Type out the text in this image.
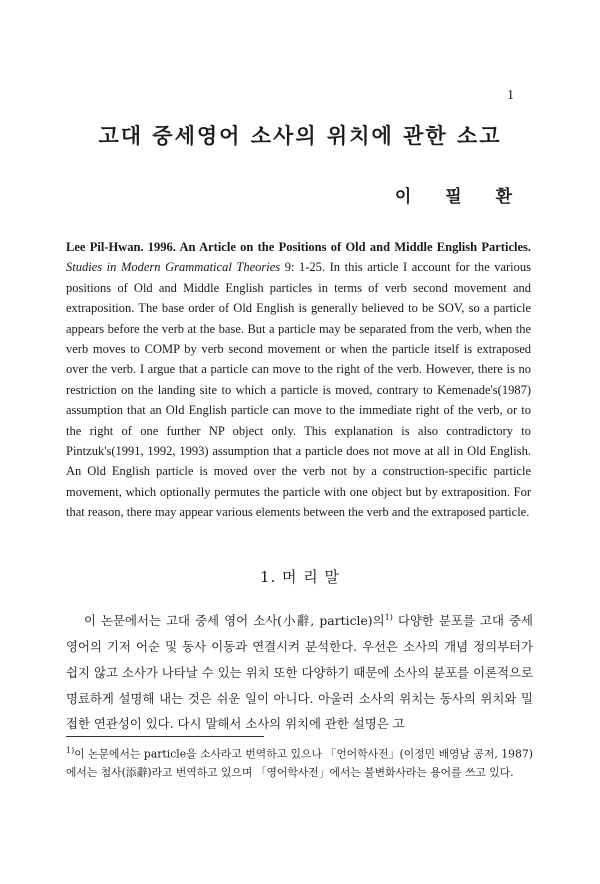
1
고대 중세영어 소사의 위치에 관한 소고
이 필 환
Lee Pil-Hwan. 1996. An Article on the Positions of Old and Middle English Particles. Studies in Modern Grammatical Theories 9: 1-25. In this article I account for the various positions of Old and Middle English particles in terms of verb second movement and extraposition. The base order of Old English is generally believed to be SOV, so a particle appears before the verb at the base. But a particle may be separated from the verb, when the verb moves to COMP by verb second movement or when the particle itself is extraposed over the verb. I argue that a particle can move to the right of the verb. However, there is no restriction on the landing site to which a particle is moved, contrary to Kemenade's(1987) assumption that an Old English particle can move to the immediate right of the verb, or to the right of one further NP object only. This explanation is also contradictory to Pintzuk's(1991, 1992, 1993) assumption that a particle does not move at all in Old English. An Old English particle is moved over the verb not by a construction-specific particle movement, which optionally permutes the particle with one object but by extraposition. For that reason, there may appear various elements between the verb and the extraposed particle.
1. 머 리 말
이 논문에서는 고대 중세 영어 소사(小辭, particle)의$^{1)}$ 다양한 분포를 고대 중세 영어의 기저 어순 및 동사 이동과 연결시켜 분석한다. 우선은 소사의 개념 정의부터가 쉽지 않고 소사가 나타날 수 있는 위치 또한 다양하기 때문에 소사의 분포를 이론적으로 명료하게 설명해 내는 것은 쉬운 일이 아니다. 아울러 소사의 위치는 동사의 위치와 밀접한 연관성이 있다. 다시 말해서 소사의 위치에 관한 설명은 고
$^{1)}$이 논문에서는 particle을 소사라고 번역하고 있으나 「언어학사전」(이정민 배영남 공저, 1987)에서는 첨사(添辭)라고 번역하고 있으며 「영어학사전」에서는 불변화사라는 용어를 쓰고 있다.
